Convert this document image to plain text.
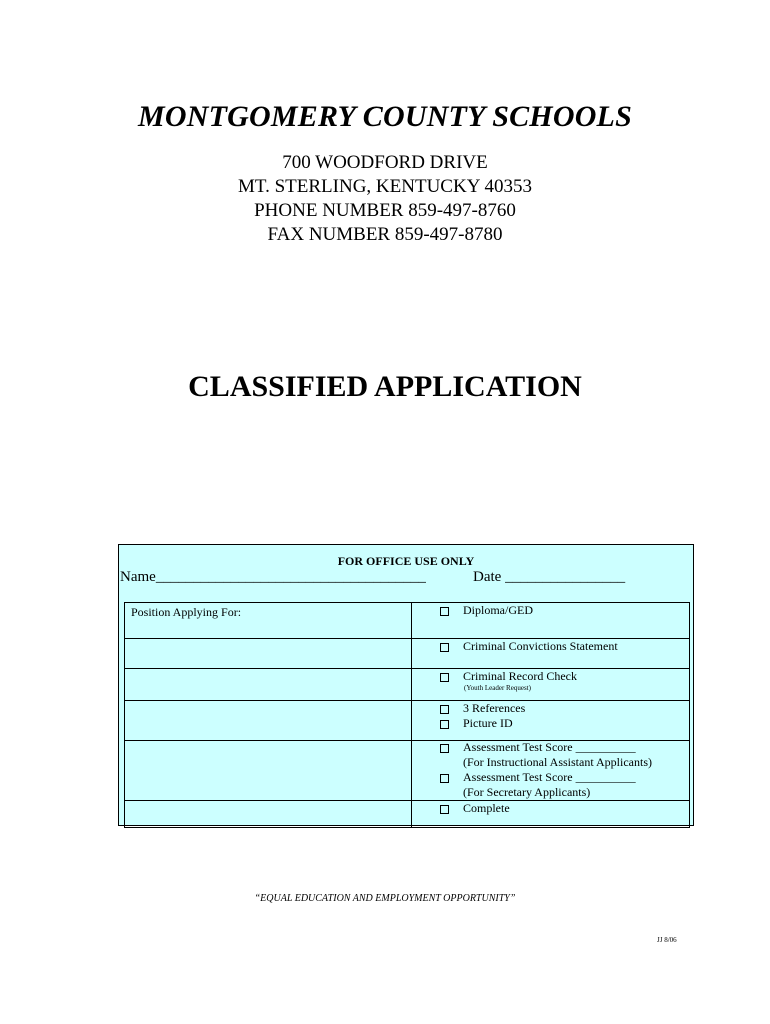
MONTGOMERY COUNTY SCHOOLS
700 WOODFORD DRIVE
MT. STERLING, KENTUCKY 40353
PHONE NUMBER 859-497-8760
FAX NUMBER 859-497-8780
CLASSIFIED APPLICATION
FOR OFFICE USE ONLY
Name____________________________________	Date ________________
Position Applying For:	Diploma/GED
Criminal Convictions Statement
Criminal Record Check
(Youth Leader Request)
3 References
Picture ID
Assessment Test Score __________
(For Instructional Assistant Applicants)
Assessment Test Score __________
(For Secretary Applicants)
Complete
“EQUAL EDUCATION AND EMPLOYMENT OPPORTUNITY”
JJ 8/06
